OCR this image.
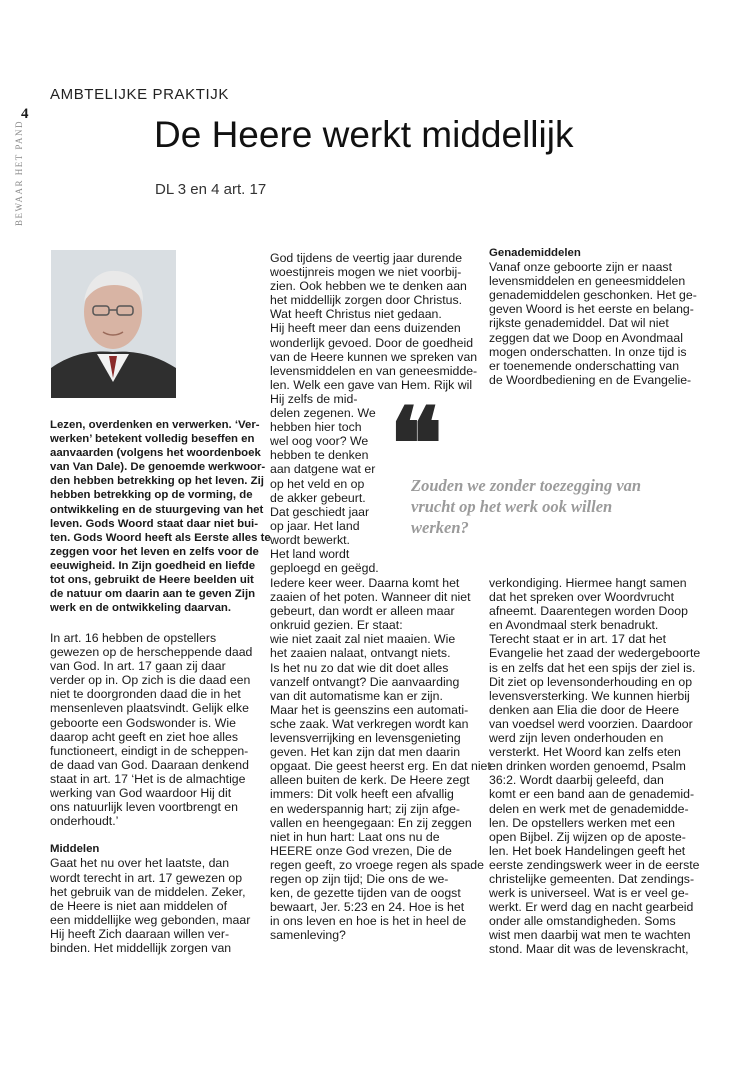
4
BEWAAR HET PAND
AMBTELIJKE PRAKTIJK
De Heere werkt middellijk
DL 3 en 4 art. 17
Lezen, overdenken en verwerken. ‘Ver-
werken’ betekent volledig beseffen en
aanvaarden (volgens het woordenboek
van Van Dale). De genoemde werkwoor-
den hebben betrekking op het leven. Zij
hebben betrekking op de vorming, de
ontwikkeling en de stuurgeving van het
leven. Gods Woord staat daar niet bui-
ten. Gods Woord heeft als Eerste alles te
zeggen voor het leven en zelfs voor de
eeuwigheid. In Zijn goedheid en liefde
tot ons, gebruikt de Heere beelden uit
de natuur om daarin aan te geven Zijn
werk en de ontwikkeling daarvan.
In art. 16 hebben de opstellers
gewezen op de herscheppende daad
van God. In art. 17 gaan zij daar
verder op in. Op zich is die daad een
niet te doorgronden daad die in het
mensenleven plaatsvindt. Gelijk elke
geboorte een Godswonder is. Wie
daarop acht geeft en ziet hoe alles
functioneert, eindigt in de scheppen-
de daad van God. Daaraan denkend
staat in art. 17 ‘Het is de almachtige
werking van God waardoor Hij dit
ons natuurlijk leven voortbrengt en
onderhoudt.’
Middelen
Gaat het nu over het laatste, dan
wordt terecht in art. 17 gewezen op
het gebruik van de middelen. Zeker,
de Heere is niet aan middelen of
een middellijke weg gebonden, maar
Hij heeft Zich daaraan willen ver-
binden. Het middellijk zorgen van
God tijdens de veertig jaar durende
woestijnreis mogen we niet voorbij-
zien. Ook hebben we te denken aan
het middellijk zorgen door Christus.
Wat heeft Christus niet gedaan.
Hij heeft meer dan eens duizenden
wonderlijk gevoed. Door de goedheid
van de Heere kunnen we spreken van
levensmiddelen en van geneesmidde-
len. Welk een gave van Hem. Rijk wil
Hij zelfs de mid-
delen zegenen. We
hebben hier toch
wel oog voor? We
hebben te denken
aan datgene wat er
op het veld en op
de akker gebeurt.
Dat geschiedt jaar
op jaar. Het land
wordt bewerkt.
Het land wordt
geploegd en geëgd.
Iedere keer weer. Daarna komt het
zaaien of het poten. Wanneer dit niet
gebeurt, dan wordt er alleen maar
onkruid gezien. Er staat:
wie niet zaait zal niet maaien. Wie
het zaaien nalaat, ontvangt niets.
Is het nu zo dat wie dit doet alles
vanzelf ontvangt? Die aanvaarding
van dit automatisme kan er zijn.
Maar het is geenszins een automati-
sche zaak. Wat verkregen wordt kan
levensverrijking en levensgenieting
geven. Het kan zijn dat men daarin
opgaat. Die geest heerst erg. En dat niet
alleen buiten de kerk. De Heere zegt
immers: Dit volk heeft een afvallig
en wederspannig hart; zij zijn afge-
vallen en heengegaan: En zij zeggen
niet in hun hart: Laat ons nu de
HEERE onze God vrezen, Die de
regen geeft, zo vroege regen als spade
regen op zijn tijd; Die ons de we-
ken, de gezette tijden van de oogst
bewaart, Jer. 5:23 en 24. Hoe is het
in ons leven en hoe is het in heel de
samenleving?
Genademiddelen
Vanaf onze geboorte zijn er naast
levensmiddelen en geneesmiddelen
genademiddelen geschonken. Het ge-
geven Woord is het eerste en belang-
rijkste genademiddel. Dat wil niet
zeggen dat we Doop en Avondmaal
mogen onderschatten. In onze tijd is
er toenemende onderschatting van
de Woordbediening en de Evangelie-
verkondiging. Hiermee hangt samen
dat het spreken over Woordvrucht
afneemt. Daarentegen worden Doop
en Avondmaal sterk benadrukt.
Terecht staat er in art. 17 dat het
Evangelie het zaad der wedergeboorte
is en zelfs dat het een spijs der ziel is.
Dit ziet op levensonderhouding en op
levensversterking. We kunnen hierbij
denken aan Elia die door de Heere
van voedsel werd voorzien. Daardoor
werd zijn leven onderhouden en
versterkt. Het Woord kan zelfs eten
en drinken worden genoemd, Psalm
36:2. Wordt daarbij geleefd, dan
komt er een band aan de genademid-
delen en werk met de genademidde-
len. De opstellers werken met een
open Bijbel. Zij wijzen op de aposte-
len. Het boek Handelingen geeft het
eerste zendingswerk weer in de eerste
christelijke gemeenten. Dat zendings-
werk is universeel. Wat is er veel ge-
werkt. Er werd dag en nacht gearbeid
onder alle omstandigheden. Soms
wist men daarbij wat men te wachten
stond. Maar dit was de levenskracht,
❝
Zouden we zonder toezegging van
vrucht op het werk ook willen
werken?
